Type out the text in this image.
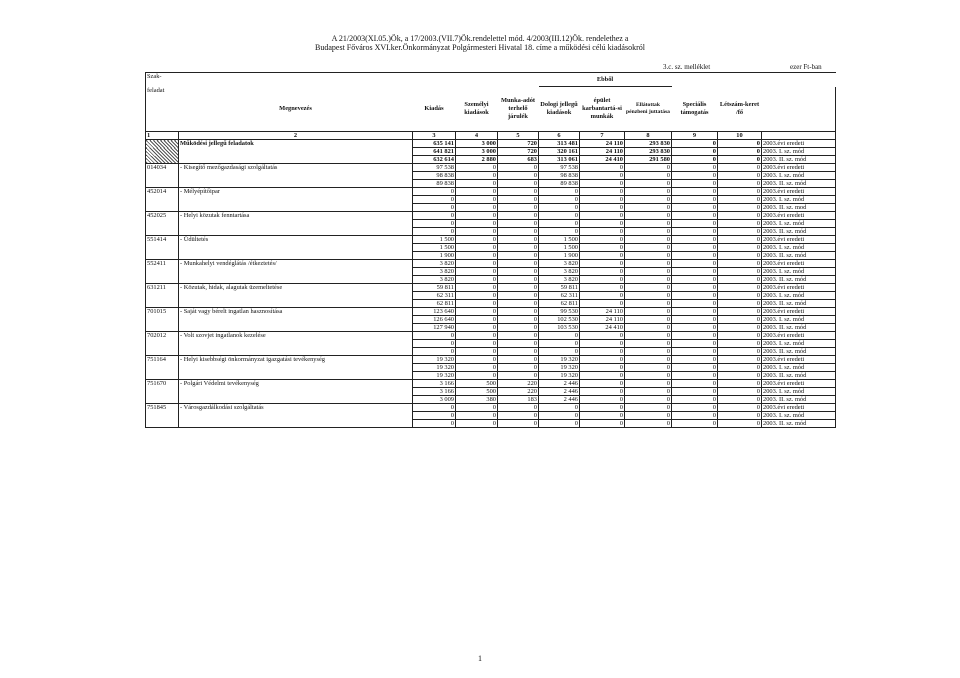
A 21/2003(XI.05.)Ök, a 17/2003.(VII.7)Ök.rendelettel mód. 4/2003(III.12)Ök. rendelethez a
Budapest Főváros XVI.ker.Önkormányzat Polgármesteri Hivatal 18. címe a működési célú kiadásokról
3.c. sz. melléklet	ezer Ft-ban
Szak-					Ebből					
feladat	Megnevezés	Kiadás	Személyi kiadások	Munka-adót terhelő járulék	Dologi jellegű kiadások	épület karbantartá-si munkák	Ellátottak pénzbeni juttatása	Speciális támogatás	Létszám-keret /fő	
1	2	3	4	5	6	7	8	9	10	
	Működési jellegű feladatok	635 141	3 000	720	313 481	24 110	293 830	0	0	2003.évi eredeti
		641 821	3 000	720	320 161	24 110	293 830	0	0	2003. I. sz. mód
		632 614	2 880	683	313 061	24 410	291 580	0	0	2003. II. sz. mód
014034	- Kisegítő mezőgazdasági szolgáltatás	97 538	0	0	97 538	0	0	0	0	2003.évi eredeti
		98 838	0	0	98 838	0	0	0	0	2003. I. sz. mód
		89 838	0	0	89 838	0	0	0	0	2003. II. sz. mód
452014	- Mélyépítőipar	0	0	0	0	0	0	0	0	2003.évi eredeti
		0	0	0	0	0	0	0	0	2003. I. sz. mód
		0	0	0	0	0	0	0	0	2003. II. sz. mod
452025	- Helyi közutak fenntartása	0	0	0	0	0	0	0	0	2003.évi eredeti
		0	0	0	0	0	0	0	0	2003. I. sz. mód
		0	0	0	0	0	0	0	0	2003. II. sz. mód
551414	- Üdültetés	1 500	0	0	1 500	0	0	0	0	2003.évi eredeti
		1 500	0	0	1 500	0	0	0	0	2003. I. sz. mód
		1 900	0	0	1 900	0	0	0	0	2003. II. sz. mód
552411	- Munkahelyi vendéglátás /étkeztetés/	3 820	0	0	3 820	0	0	0	0	2003.évi eredeti
		3 820	0	0	3 820	0	0	0	0	2003. I. sz. mód
		3 820	0	0	3 820	0	0	0	0	2003. II. sz. mód
631211	- Közutak, hidak, alagutak üzemeltetése	59 811	0	0	59 811	0	0	0	0	2003.évi eredeti
		62 311	0	0	62 311	0	0	0	0	2003. I. sz. mód
		62 811	0	0	62 811	0	0	0	0	2003. II. sz. mód
701015	- Saját vagy bérelt ingatlan hasznosítása	123 640	0	0	99 530	24 110	0	0	0	2003.évi eredeti
		126 640	0	0	102 530	24 110	0	0	0	2003. I. sz. mód
		127 940	0	0	103 530	24 410	0	0	0	2003. II. sz. mód
702012	- Volt szovjet ingatlanok kezelése	0	0	0	0	0	0	0	0	2003.évi eredeti
		0	0	0	0	0	0	0	0	2003. I. sz. mód
		0	0	0	0	0	0	0	0	2003. II. sz. mód
751164	- Helyi kisebbségi önkormányzat igazgatási tevékenység	19 320	0	0	19 320	0	0	0	0	2003.évi eredeti
		19 320	0	0	19 320	0	0	0	0	2003. I. sz. mód
		19 320	0	0	19 320	0	0	0	0	2003. II. sz. mód
751670	- Polgári Védelmi tevékenység	3 166	500	220	2 446	0	0	0	0	2003.évi eredeti
		3 166	500	220	2 446	0	0	0	0	2003. I. sz. mód
		3 009	380	183	2 446	0	0	0	0	2003. II. sz. mód
751845	- Városgazdálkodási szolgáltatás	0	0	0	0	0	0	0	0	2003.évi eredeti
		0	0	0	0	0	0	0	0	2003. I. sz. mód
		0	0	0	0	0	0	0	0	2003. II. sz. mód
1
